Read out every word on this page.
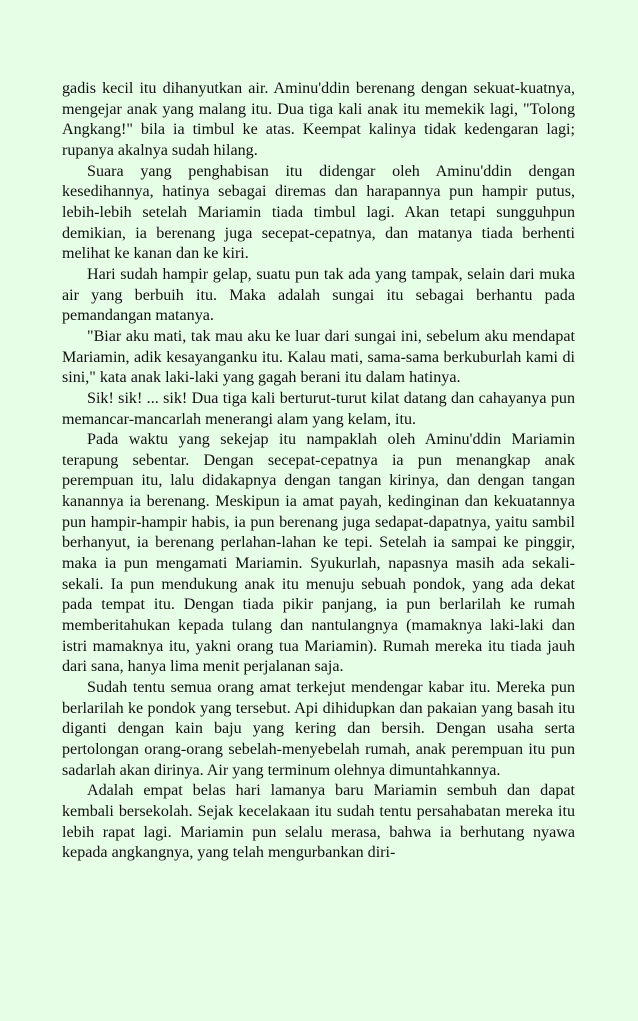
gadis kecil itu dihanyutkan air. Aminu'ddin berenang dengan sekuat-kuatnya, mengejar anak yang malang itu. Dua tiga kali anak itu memekik lagi, "Tolong Angkang!" bila ia timbul ke atas. Keempat kalinya tidak kedengaran lagi; rupanya akalnya sudah hilang.

Suara yang penghabisan itu didengar oleh Aminu'ddin dengan kesedihannya, hatinya sebagai diremas dan harapannya pun hampir putus, lebih-lebih setelah Mariamin tiada timbul lagi. Akan tetapi sungguhpun demikian, ia berenang juga secepat-cepatnya, dan matanya tiada berhenti melihat ke kanan dan ke kiri.

Hari sudah hampir gelap, suatu pun tak ada yang tampak, selain dari muka air yang berbuih itu. Maka adalah sungai itu sebagai berhantu pada pemandangan matanya.

"Biar aku mati, tak mau aku ke luar dari sungai ini, sebelum aku mendapat Mariamin, adik kesayanganku itu. Kalau mati, sama-sama berkuburlah kami di sini," kata anak laki-laki yang gagah berani itu dalam hatinya.

Sik! sik! ... sik! Dua tiga kali berturut-turut kilat datang dan cahayanya pun memancar-mancarlah menerangi alam yang kelam, itu.

Pada waktu yang sekejap itu nampaklah oleh Aminu'ddin Mariamin terapung sebentar. Dengan secepat-cepatnya ia pun menangkap anak perempuan itu, lalu didakapnya dengan tangan kirinya, dan dengan tangan kanannya ia berenang. Meskipun ia amat payah, kedinginan dan kekuatannya pun hampir-hampir habis, ia pun berenang juga sedapat-dapatnya, yaitu sambil berhanyut, ia berenang perlahan-lahan ke tepi. Setelah ia sampai ke pinggir, maka ia pun mengamati Mariamin. Syukurlah, napasnya masih ada sekali-sekali. Ia pun mendukung anak itu menuju sebuah pondok, yang ada dekat pada tempat itu. Dengan tiada pikir panjang, ia pun berlarilah ke rumah memberitahukan kepada tulang dan nantulangnya (mamaknya laki-laki dan istri mamaknya itu, yakni orang tua Mariamin). Rumah mereka itu tiada jauh dari sana, hanya lima menit perjalanan saja.

Sudah tentu semua orang amat terkejut mendengar kabar itu. Mereka pun berlarilah ke pondok yang tersebut. Api dihidupkan dan pakaian yang basah itu diganti dengan kain baju yang kering dan bersih. Dengan usaha serta pertolongan orang-orang sebelah-menyebelah rumah, anak perempuan itu pun sadarlah akan dirinya. Air yang terminum olehnya dimuntahkannya.

Adalah empat belas hari lamanya baru Mariamin sembuh dan dapat kembali bersekolah. Sejak kecelakaan itu sudah tentu persahabatan mereka itu lebih rapat lagi. Mariamin pun selalu merasa, bahwa ia berhutang nyawa kepada angkangnya, yang telah mengurbankan diri-
